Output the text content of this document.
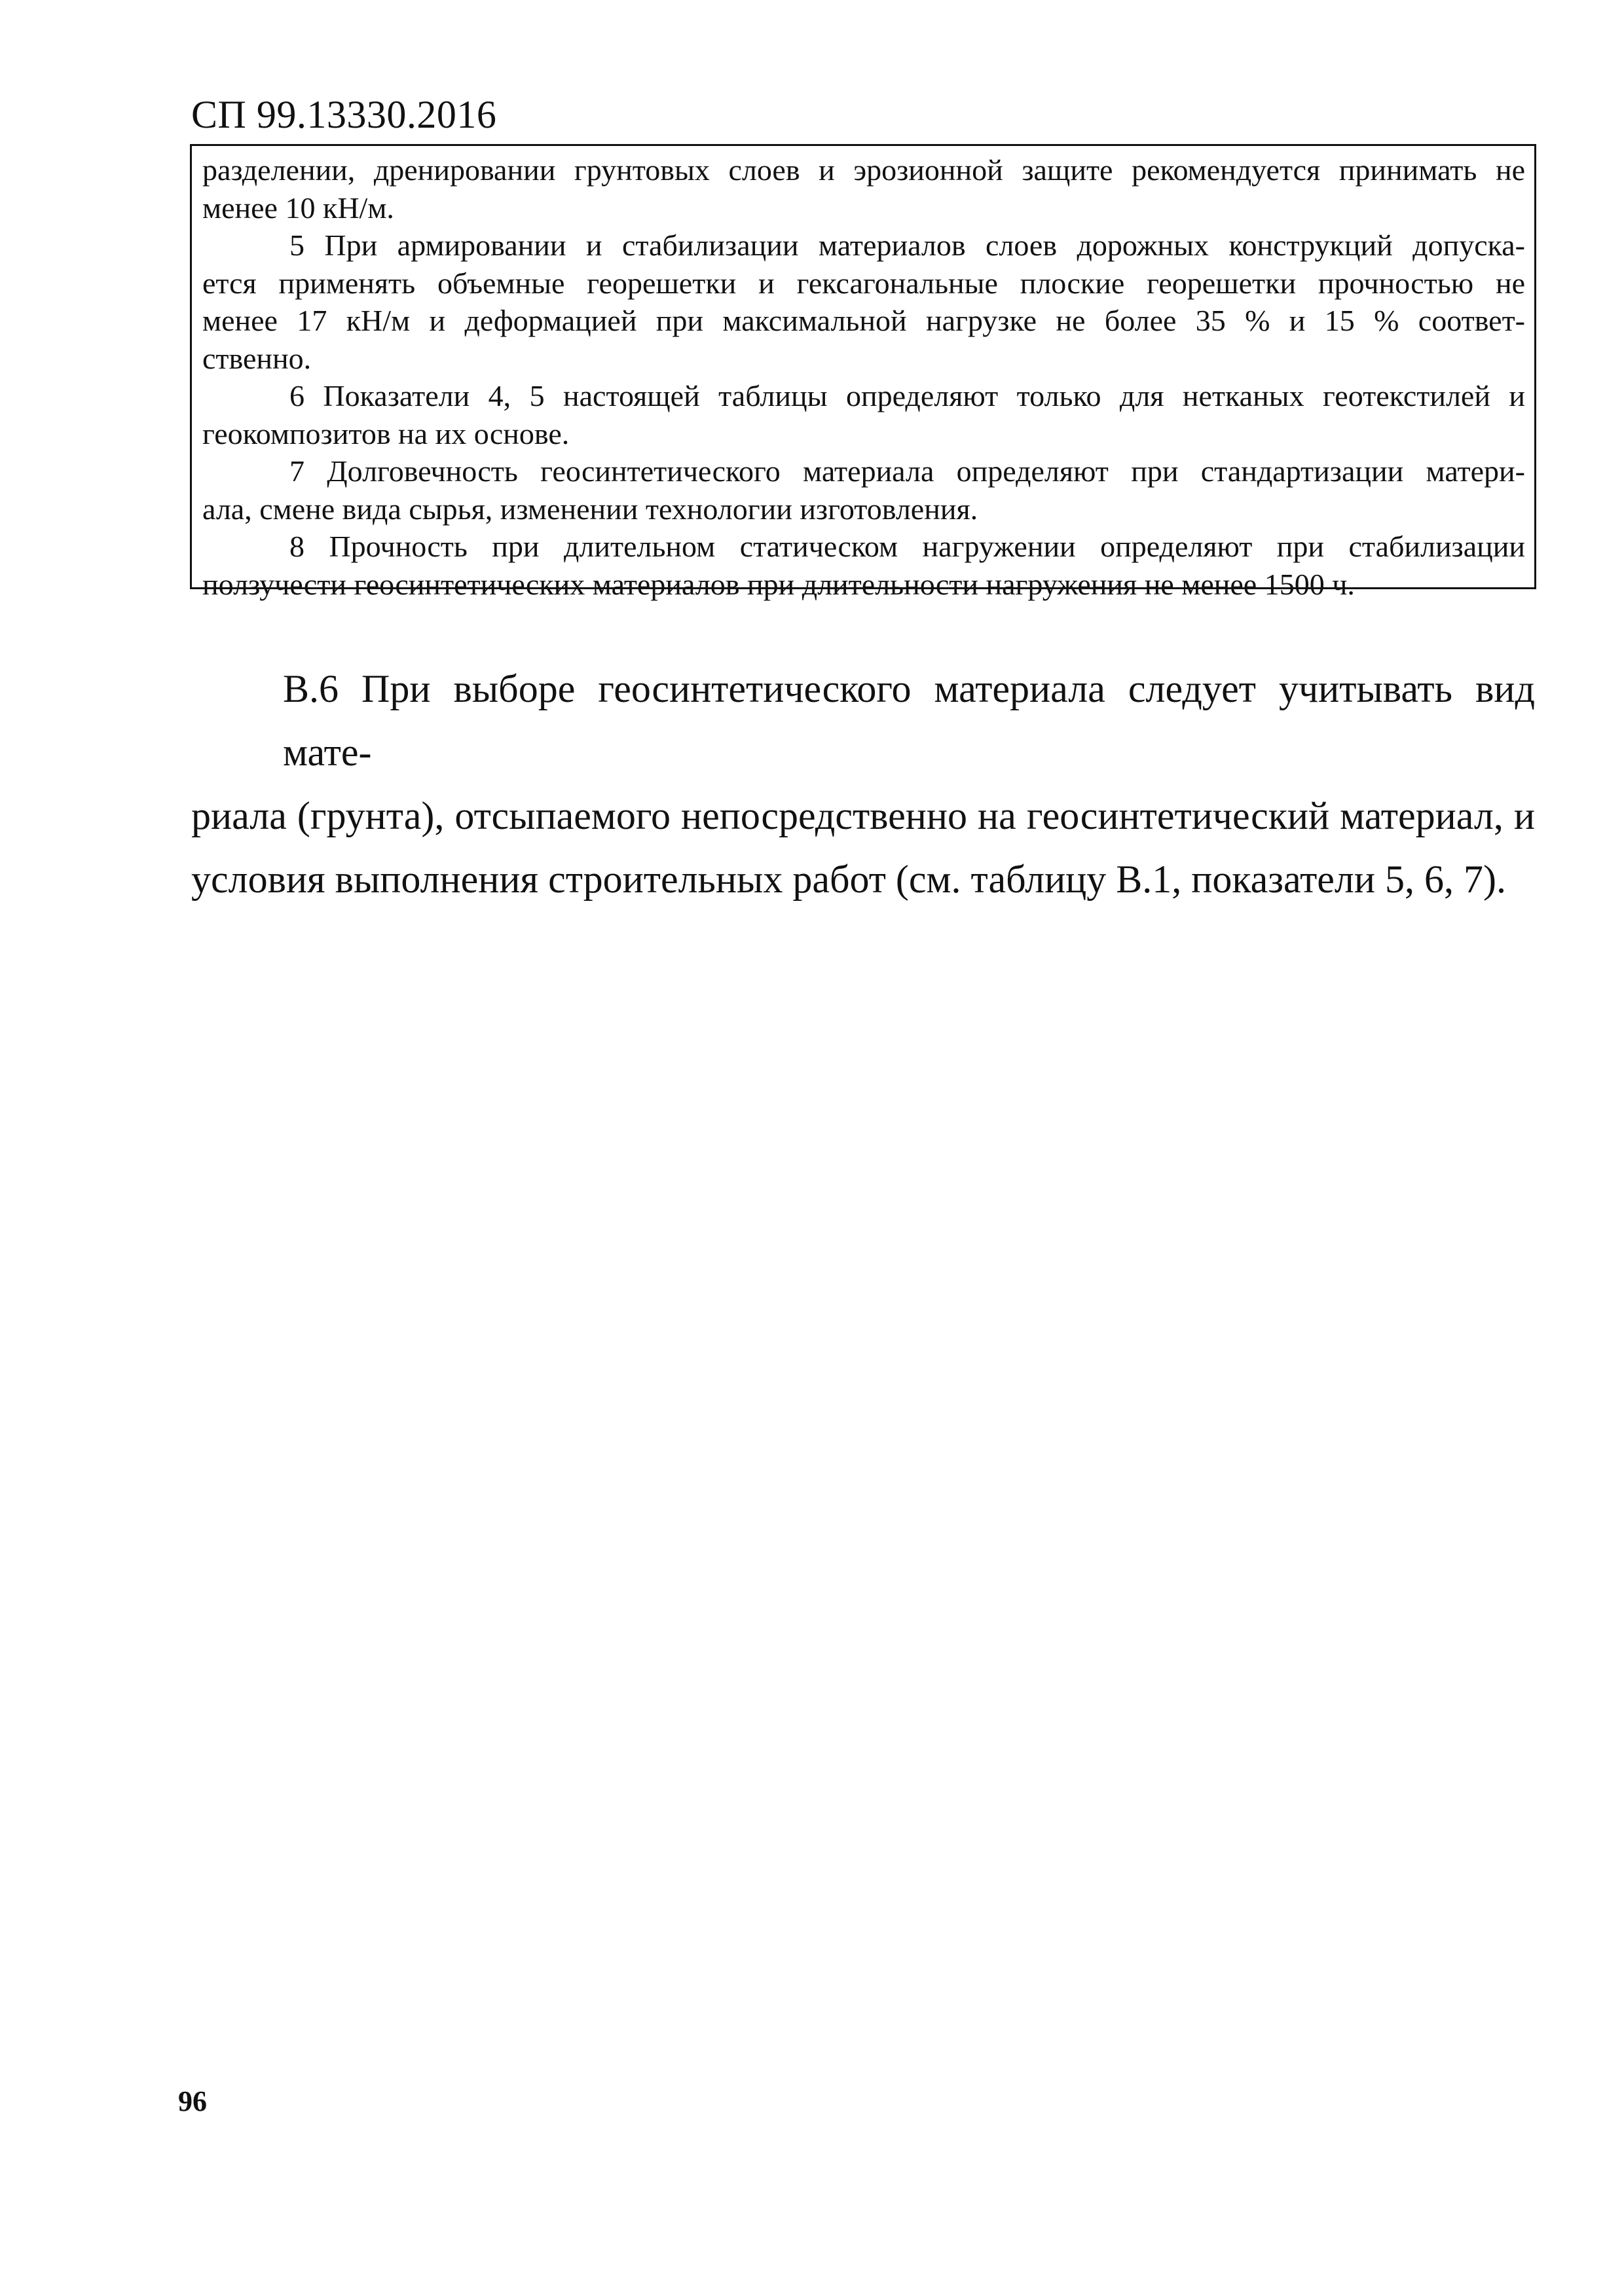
СП 99.13330.2016
разделении, дренировании грунтовых слоев и эрозионной защите рекомендуется принимать не
менее 10 кН/м.
5 При армировании и стабилизации материалов слоев дорожных конструкций допуска-
ется применять объемные георешетки и гексагональные плоские георешетки прочностью не
менее 17 кН/м и деформацией при максимальной нагрузке не более 35 % и 15 % соответ-
ственно.
6 Показатели 4, 5 настоящей таблицы определяют только для нетканых геотекстилей и
геокомпозитов на их основе.
7 Долговечность геосинтетического материала определяют при стандартизации матери-
ала, смене вида сырья, изменении технологии изготовления.
8 Прочность при длительном статическом нагружении определяют при стабилизации
ползучести геосинтетических материалов при длительности нагружения не менее 1500 ч.
В.6 При выборе геосинтетического материала следует учитывать вид мате-
риала (грунта), отсыпаемого непосредственно на геосинтетический материал, и
условия выполнения строительных работ (см. таблицу В.1, показатели 5, 6, 7).
96
